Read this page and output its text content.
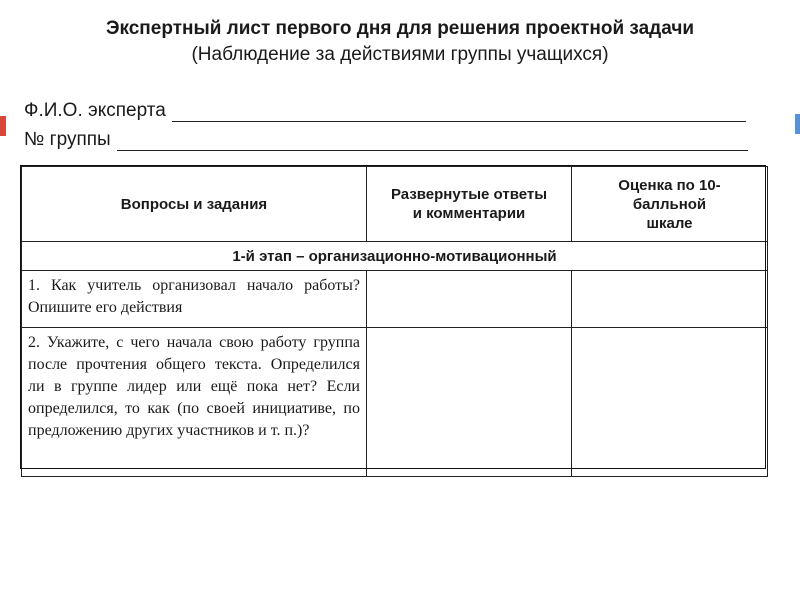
Экспертный лист первого дня для решения проектной задачи
(Наблюдение за действиями группы учащихся)
Ф.И.О. эксперта
№ группы
Вопросы и задания	Развернутые ответы и комментарии	Оценка по 10-балльной шкале

1-й этап – организационно-мотивационный		
1. Как учитель организовал начало работы? Опишите его действия		
2. Укажите, с чего начала свою работу группа после прочтения общего текста. Определился ли в группе лидер или ещё пока нет? Если определился, то как (по своей инициативе, по предложению других участников и т. п.)?		
